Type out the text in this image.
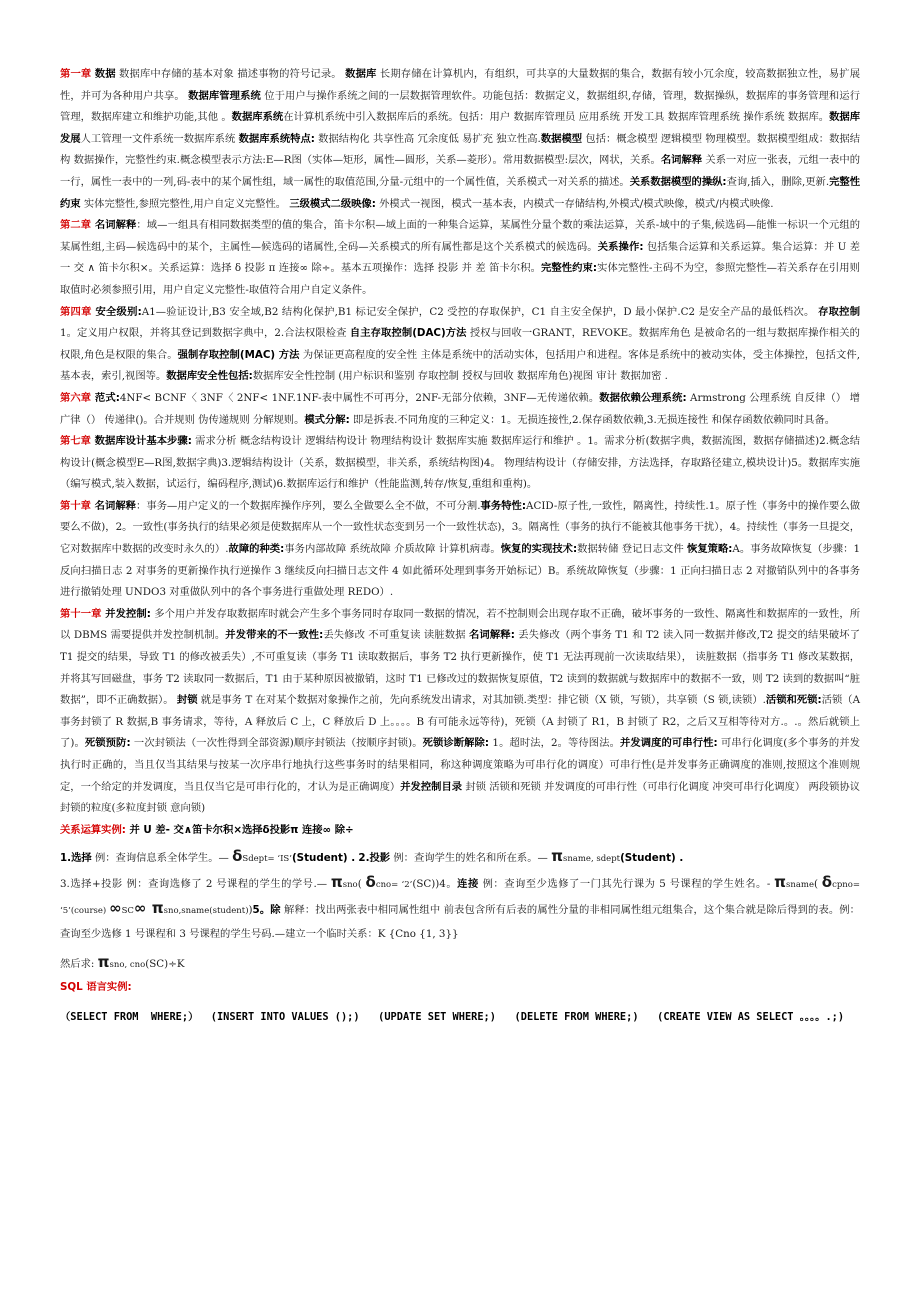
第一章 数据 数据库中存储的基本对象 描述事物的符号记录。 数据库 长期存储在计算机内，有组织，可共享的大量数据的集合，数据有较小冗余度，较高数据独立性，易扩展性，并可为各种用户共享。 数据库管理系统 位于用户与操作系统之间的一层数据管理软件。功能包括：数据定义，数据组织,存储，管理，数据操纵，数据库的事务管理和运行管理，数据库建立和维护功能,其他 。数据库系统在计算机系统中引入数据库后的系统。包括：用户 数据库管理员 应用系统 开发工具 数据库管理系统 操作系统 数据库。数据库发展人工管理一文件系统一数据库系统 数据库系统特点: 数据结构化 共享性高 冗余度低 易扩充 独立性高.数据模型 包括：概念模型 逻辑模型 物理模型。数据模型组成：数据结构 数据操作，完整性约束.概念模型表示方法:E—R图（实体—矩形，属性—圆形，关系—菱形）。常用数据模型:层次，网状，关系。名词解释 关系一对应一张表，元组一表中的一行，属性一表中的一列,码-表中的某个属性组，域一属性的取值范围,分量-元组中的一个属性值，关系模式一对关系的描述。关系数据模型的操纵:查询,插入，删除,更新.完整性约束 实体完整性,参照完整性,用户自定义完整性。 三级模式二级映像: 外模式一视图，模式一基本表，内模式一存储结构,外模式/模式映像，模式/内模式映像.

第二章 名词解释：域—一组具有相同数据类型的值的集合，笛卡尔积—域上面的一种集合运算，某属性分量个数的乘法运算，关系-域中的子集,候选码—能惟一标识一个元组的某属性组,主码—候选码中的某个，主属性—候选码的诸属性,全码—关系模式的所有属性都是这个关系模式的候选码。关系操作: 包括集合运算和关系运算。集合运算：并 U 差一 交 ∧ 笛卡尔积×。关系运算：选择 δ 投影 π 连接∞ 除÷。基本五项操作：选择 投影 并 差 笛卡尔积。完整性约束:实体完整性-主码不为空，参照完整性—若关系存在引用则取值时必须参照引用，用户自定义完整性-取值符合用户自定义条件。

第四章 安全级别:A1—验证设计,B3 安全域,B2 结构化保护,B1 标记安全保护，C2 受控的存取保护，C1 自主安全保护，D 最小保护.C2 是安全产品的最低档次。 存取控制 1。定义用户权限，并将其登记到数据字典中，2.合法权限检查 自主存取控制(DAC)方法 授权与回收一GRANT，REVOKE。数据库角色 是被命名的一组与数据库操作相关的权限,角色是权限的集合。强制存取控制(MAC) 方法 为保证更高程度的安全性 主体是系统中的活动实体，包括用户和进程。客体是系统中的被动实体，受主体操控，包括文件,基本表，索引,视图等。数据库安全性包括:数据库安全性控制 (用户标识和鉴别 存取控制 授权与回收 数据库角色)视图 审计 数据加密 .

第六章 范式:4NF< BCNF〈 3NF〈 2NF< 1NF.1NF-表中属性不可再分，2NF-无部分依赖，3NF—无传递依赖。数据依赖公理系统: Armstrong 公理系统 自反律（） 增广律（） 传递律()。合并规则 伪传递规则 分解规则。模式分解: 即是拆表.不同角度的三种定义：1。无损连接性,2.保存函数依赖,3.无损连接性 和保存函数依赖同时具备。

第七章 数据库设计基本步骤: 需求分析 概念结构设计 逻辑结构设计 物理结构设计 数据库实施 数据库运行和维护 。1。需求分析(数据字典，数据流图，数据存储描述)2.概念结构设计(概念模型E—R图,数据字典)3.逻辑结构设计（关系，数据模型，非关系，系统结构图)4。 物理结构设计（存储安排，方法选择，存取路径建立,模块设计)5。数据库实施（编写模式,装入数据，试运行，编码程序,测试)6.数据库运行和维护（性能监测,转存/恢复,重组和重构)。

第十章 名词解释：事务—用户定义的一个数据库操作序列，要么全做要么全不做，不可分割.事务特性:ACID-原子性,一致性，隔离性，持续性.1。原子性（事务中的操作要么做要么不做)，2。一致性(事务执行的结果必须是使数据库从一个一致性状态变到另一个一致性状态)，3。隔离性（事务的执行不能被其他事务干扰），4。持续性（事务一旦提交，它对数据库中数据的改变时永久的）.故障的种类:事务内部故障 系统故障 介质故障 计算机病毒。恢复的实现技术:数据转储 登记日志文件 恢复策略:A。事务故障恢复（步骤：1 反向扫描日志 2 对事务的更新操作执行逆操作 3 继续反向扫描日志文件 4 如此循环处理到事务开始标记）B。系统故障恢复（步骤：1 正向扫描日志 2 对撤销队列中的各事务进行撤销处理 UNDO3 对重做队列中的各个事务进行重做处理 REDO）.

第十一章 并发控制: 多个用户并发存取数据库时就会产生多个事务同时存取同一数据的情况，若不控制则会出现存取不正确，破坏事务的一致性、隔离性和数据库的一致性，所以 DBMS 需要提供并发控制机制。并发带来的不一致性:丢失修改 不可重复读 读脏数据 名词解释: 丢失修改（两个事务 T1 和 T2 读入同一数据并修改,T2 提交的结果破坏了 T1 提交的结果，导致 T1 的修改被丢失）,不可重复读（事务 T1 读取数据后，事务 T2 执行更新操作，使 T1 无法再现前一次读取结果）， 读脏数据（指事务 T1 修改某数据，并将其写回磁盘，事务 T2 读取同一数据后，T1 由于某种原因被撤销，这时 T1 已修改过的数据恢复原值，T2 读到的数据就与数据库中的数据不一致，则 T2 读到的数据叫“脏数据”，即不正确数据）。 封锁 就是事务 T 在对某个数据对象操作之前，先向系统发出请求，对其加锁.类型：排它锁（X 锁，写锁），共享锁（S 锁,读锁）.活锁和死锁:活锁（A 事务封锁了 R 数据,B 事务请求，等待，A 释放后 C 上，C 释放后 D 上。。。。B 有可能永远等待)，死锁（A 封锁了 R1，B 封锁了 R2，之后又互相等待对方.。.。然后就锁上了)。死锁预防: 一次封锁法（一次性得到全部资源)顺序封锁法（按顺序封锁)。死锁诊断解除: 1。超时法，2。等待图法。并发调度的可串行性: 可串行化调度(多个事务的并发执行时正确的，当且仅当其结果与按某一次序串行地执行这些事务时的结果相同，称这种调度策略为可串行化的调度）可串行性(是并发事务正确调度的准则,按照这个准则规定，一个给定的并发调度，当且仅当它是可串行化的，才认为是正确调度）并发控制目录 封锁 活锁和死锁 并发调度的可串行性（可串行化调度 冲突可串行化调度） 两段锁协议 封锁的粒度(多粒度封锁 意向锁)

关系运算实例: 并 U 差- 交∧笛卡尔积×选择δ投影π 连接∞ 除÷

1.选择 例：查询信息系全体学生。— δSdept= ‘IS’(Student) . 2.投影 例：查询学生的姓名和所在系。— πsname, sdept(Student) .
3.选择+投影 例：查询选修了 2 号课程的学生的学号.— πsno( δcno= ‘2’(SC))4。连接 例：查询至少选修了一门其先行课为 5 号课程的学生姓名。- πsname( δcpno= ‘5’(course) ∞SC∞ πsno,sname(student))5。除 解释：找出两张表中相同属性组中 前表包含所有后表的属性分量的非相同属性组元组集合，这个集合就是除后得到的表。例：查询至少选修 1 号课程和 3 号课程的学生号码.—建立一个临时关系：K {Cno {1, 3}}

然后求: πsno, cno(SC)÷K

SQL 语言实例:

（SELECT FROM  WHERE;）  (INSERT INTO VALUES ();)   (UPDATE SET WHERE;)   (DELETE FROM WHERE;)   (CREATE VIEW AS SELECT 。。。。.;)
